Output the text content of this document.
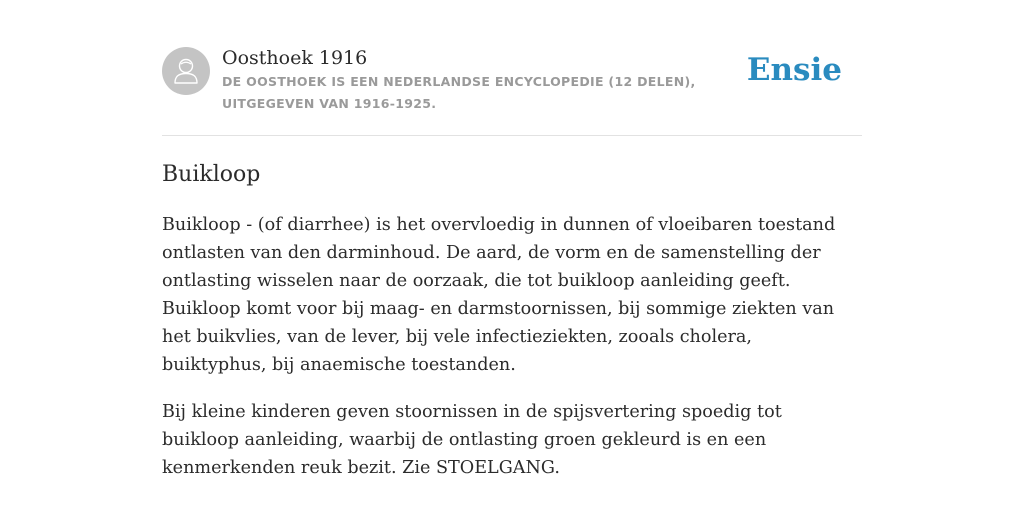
Oosthoek 1916

DE OOSTHOEK IS EEN NEDERLANDSE ENCYCLOPEDIE (12 DELEN), UITGEGEVEN VAN 1916-1925.

Ensie
Buikloop

Buikloop - (of diarrhee) is het overvloedig in dunnen of vloeibaren toestand ontlasten van den darminhoud. De aard, de vorm en de samenstelling der ontlasting wisselen naar de oorzaak, die tot buikloop aanleiding geeft. Buikloop komt voor bij maag- en darmstoornissen, bij sommige ziekten van het buikvlies, van de lever, bij vele infectieziekten, zooals cholera, buiktyphus, bij anaemische toestanden.

Bij kleine kinderen geven stoornissen in de spijsvertering spoedig tot buikloop aanleiding, waarbij de ontlasting groen gekleurd is en een kenmerkenden reuk bezit. Zie STOELGANG.
